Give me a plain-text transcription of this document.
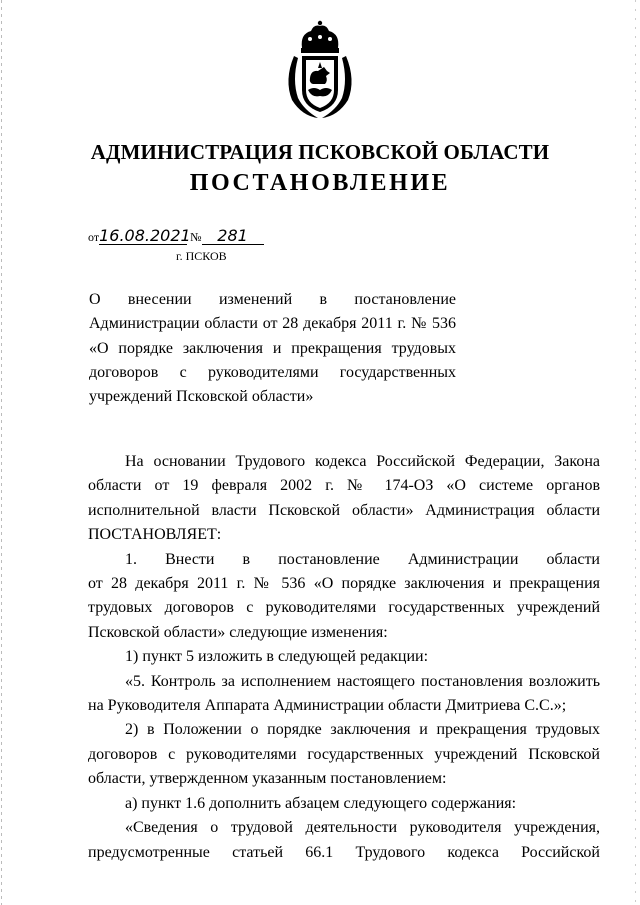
АДМИНИСТРАЦИЯ ПСКОВСКОЙ ОБЛАСТИ
ПОСТАНОВЛЕНИЕ
от16.08.2021 № 281
г. ПСКОВ
О внесении изменений в постановление
Администрации области от 28 декабря 2011 г. № 536
«О порядке заключения и прекращения трудовых
договоров с руководителями государственных
учреждений Псковской области»
На основании Трудового кодекса Российской Федерации, Закона
области от 19 февраля 2002 г. № 174-ОЗ «О системе органов
исполнительной власти Псковской области» Администрация области
ПОСТАНОВЛЯЕТ:
1. Внести в постановление Администрации области
от 28 декабря 2011 г. № 536 «О порядке заключения и прекращения
трудовых договоров с руководителями государственных учреждений
Псковской области» следующие изменения:
1) пункт 5 изложить в следующей редакции:
«5. Контроль за исполнением настоящего постановления возложить
на Руководителя Аппарата Администрации области Дмитриева С.С.»;
2) в Положении о порядке заключения и прекращения трудовых
договоров с руководителями государственных учреждений Псковской
области, утвержденном указанным постановлением:
а) пункт 1.6 дополнить абзацем следующего содержания:
«Сведения о трудовой деятельности руководителя учреждения,
предусмотренные статьей 66.1 Трудового кодекса Российской
